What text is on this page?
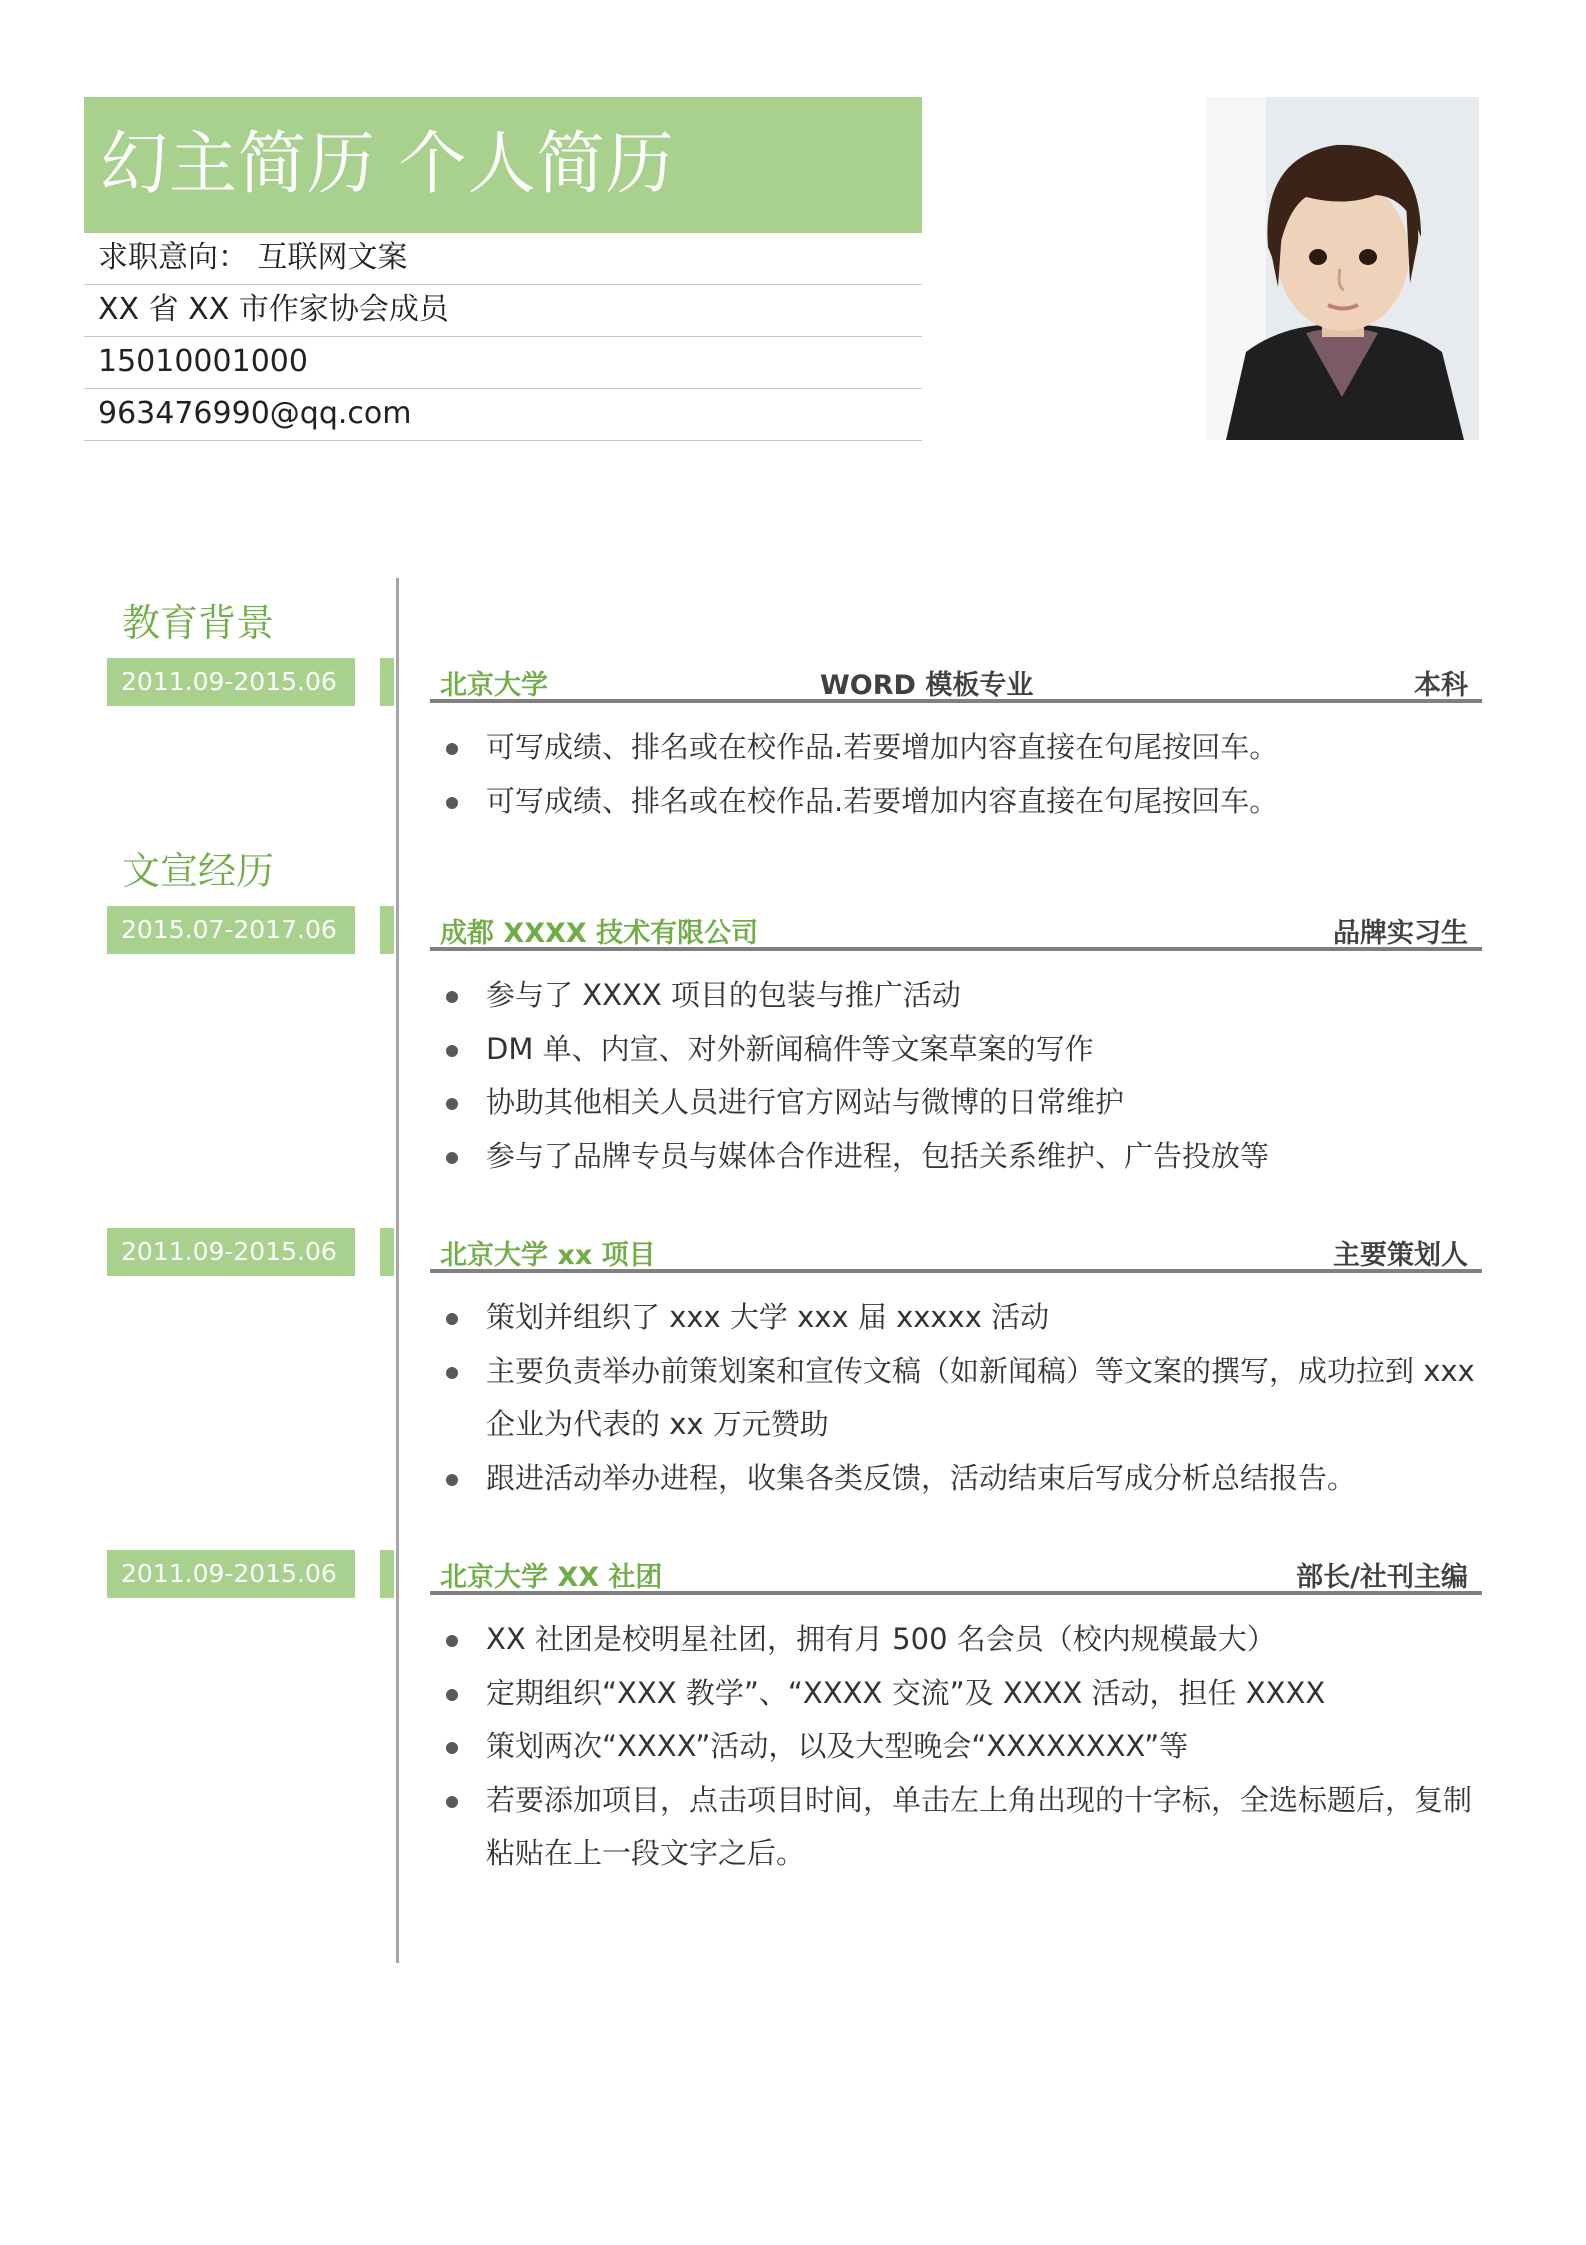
幻主简历 个人简历
求职意向： 互联网文案
XX 省 XX 市作家协会成员
15010001000
963476990@qq.com
教育背景
2011.09-2015.06	北京大学	WORD 模板专业	本科
可写成绩、排名或在校作品.若要增加内容直接在句尾按回车。
可写成绩、排名或在校作品.若要增加内容直接在句尾按回车。
文宣经历
2015.07-2017.06	成都 XXXX 技术有限公司	品牌实习生
参与了 XXXX 项目的包装与推广活动
DM 单、内宣、对外新闻稿件等文案草案的写作
协助其他相关人员进行官方网站与微博的日常维护
参与了品牌专员与媒体合作进程，包括关系维护、广告投放等
2011.09-2015.06	北京大学 xx 项目	主要策划人
策划并组织了 xxx 大学 xxx 届 xxxxx 活动
主要负责举办前策划案和宣传文稿（如新闻稿）等文案的撰写，成功拉到 xxx 企业为代表的 xx 万元赞助
跟进活动举办进程，收集各类反馈，活动结束后写成分析总结报告。
2011.09-2015.06	北京大学 XX 社团	部长/社刊主编
XX 社团是校明星社团，拥有月 500 名会员（校内规模最大）
定期组织“XXX 教学”、“XXXX 交流”及 XXXX 活动，担任 XXXX
策划两次“XXXX”活动，以及大型晚会“XXXXXXXX”等
若要添加项目，点击项目时间，单击左上角出现的十字标，全选标题后，复制粘贴在上一段文字之后。
